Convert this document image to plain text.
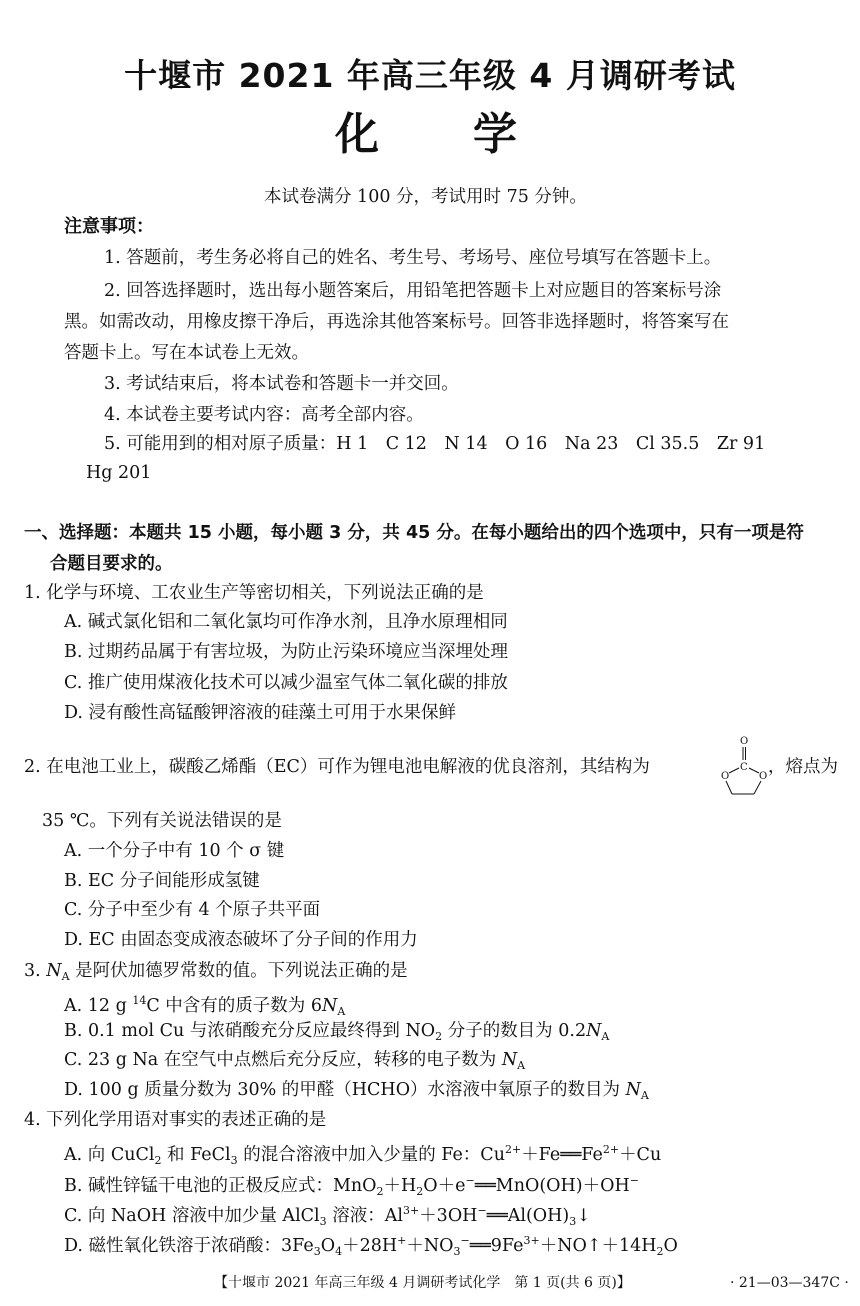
十堰市 2021 年高三年级 4 月调研考试
化 学
本试卷满分 100 分，考试用时 75 分钟。
注意事项：
1. 答题前，考生务必将自己的姓名、考生号、考场号、座位号填写在答题卡上。
2. 回答选择题时，选出每小题答案后，用铅笔把答题卡上对应题目的答案标号涂
黑。如需改动，用橡皮擦干净后，再选涂其他答案标号。回答非选择题时，将答案写在
答题卡上。写在本试卷上无效。
3. 考试结束后，将本试卷和答题卡一并交回。
4. 本试卷主要考试内容：高考全部内容。
5. 可能用到的相对原子质量：H 1　C 12　N 14　O 16　Na 23　Cl 35.5　Zr 91
Hg 201
一、选择题：本题共 15 小题，每小题 3 分，共 45 分。在每小题给出的四个选项中，只有一项是符
合题目要求的。
1. 化学与环境、工农业生产等密切相关，下列说法正确的是
A. 碱式氯化铝和二氧化氯均可作净水剂，且净水原理相同
B. 过期药品属于有害垃圾，为防止污染环境应当深埋处理
C. 推广使用煤液化技术可以减少温室气体二氧化碳的排放
D. 浸有酸性高锰酸钾溶液的硅藻土可用于水果保鲜
2. 在电池工业上，碳酸乙烯酯（EC）可作为锂电池电解液的优良溶剂，其结构为
O
C
O	O ，熔点为
35 ℃。下列有关说法错误的是
A. 一个分子中有 10 个 σ 键
B. EC 分子间能形成氢键
C. 分子中至少有 4 个原子共平面
D. EC 由固态变成液态破坏了分子间的作用力
3. $N_A$ 是阿伏加德罗常数的值。下列说法正确的是
A. 12 g $^{14}$C 中含有的质子数为 $6N_A$
B. 0.1 mol Cu 与浓硝酸充分反应最终得到 $NO_2$ 分子的数目为 $0.2N_A$
C. 23 g Na 在空气中点燃后充分反应，转移的电子数为 $N_A$
D. 100 g 质量分数为 30% 的甲醛（HCHO）水溶液中氧原子的数目为 $N_A$
4. 下列化学用语对事实的表述正确的是
A. 向 CuCl$_2$ 和 FeCl$_3$ 的混合溶液中加入少量的 Fe：$Cu^{2+}+Fe══Fe^{2+}+Cu$
B. 碱性锌锰干电池的正极反应式：$MnO_2+H_2O+e^-══MnO(OH)+OH^-$
C. 向 NaOH 溶液中加少量 AlCl$_3$ 溶液：$Al^{3+}+3OH^-══Al(OH)_3↓$
D. 磁性氧化铁溶于浓硝酸：$3Fe_3O_4+28H^++NO_3^-══9Fe^{3+}+NO↑+14H_2O$
【十堰市 2021 年高三年级 4 月调研考试化学　第 1 页(共 6 页)】	· 21—03—347C ·
